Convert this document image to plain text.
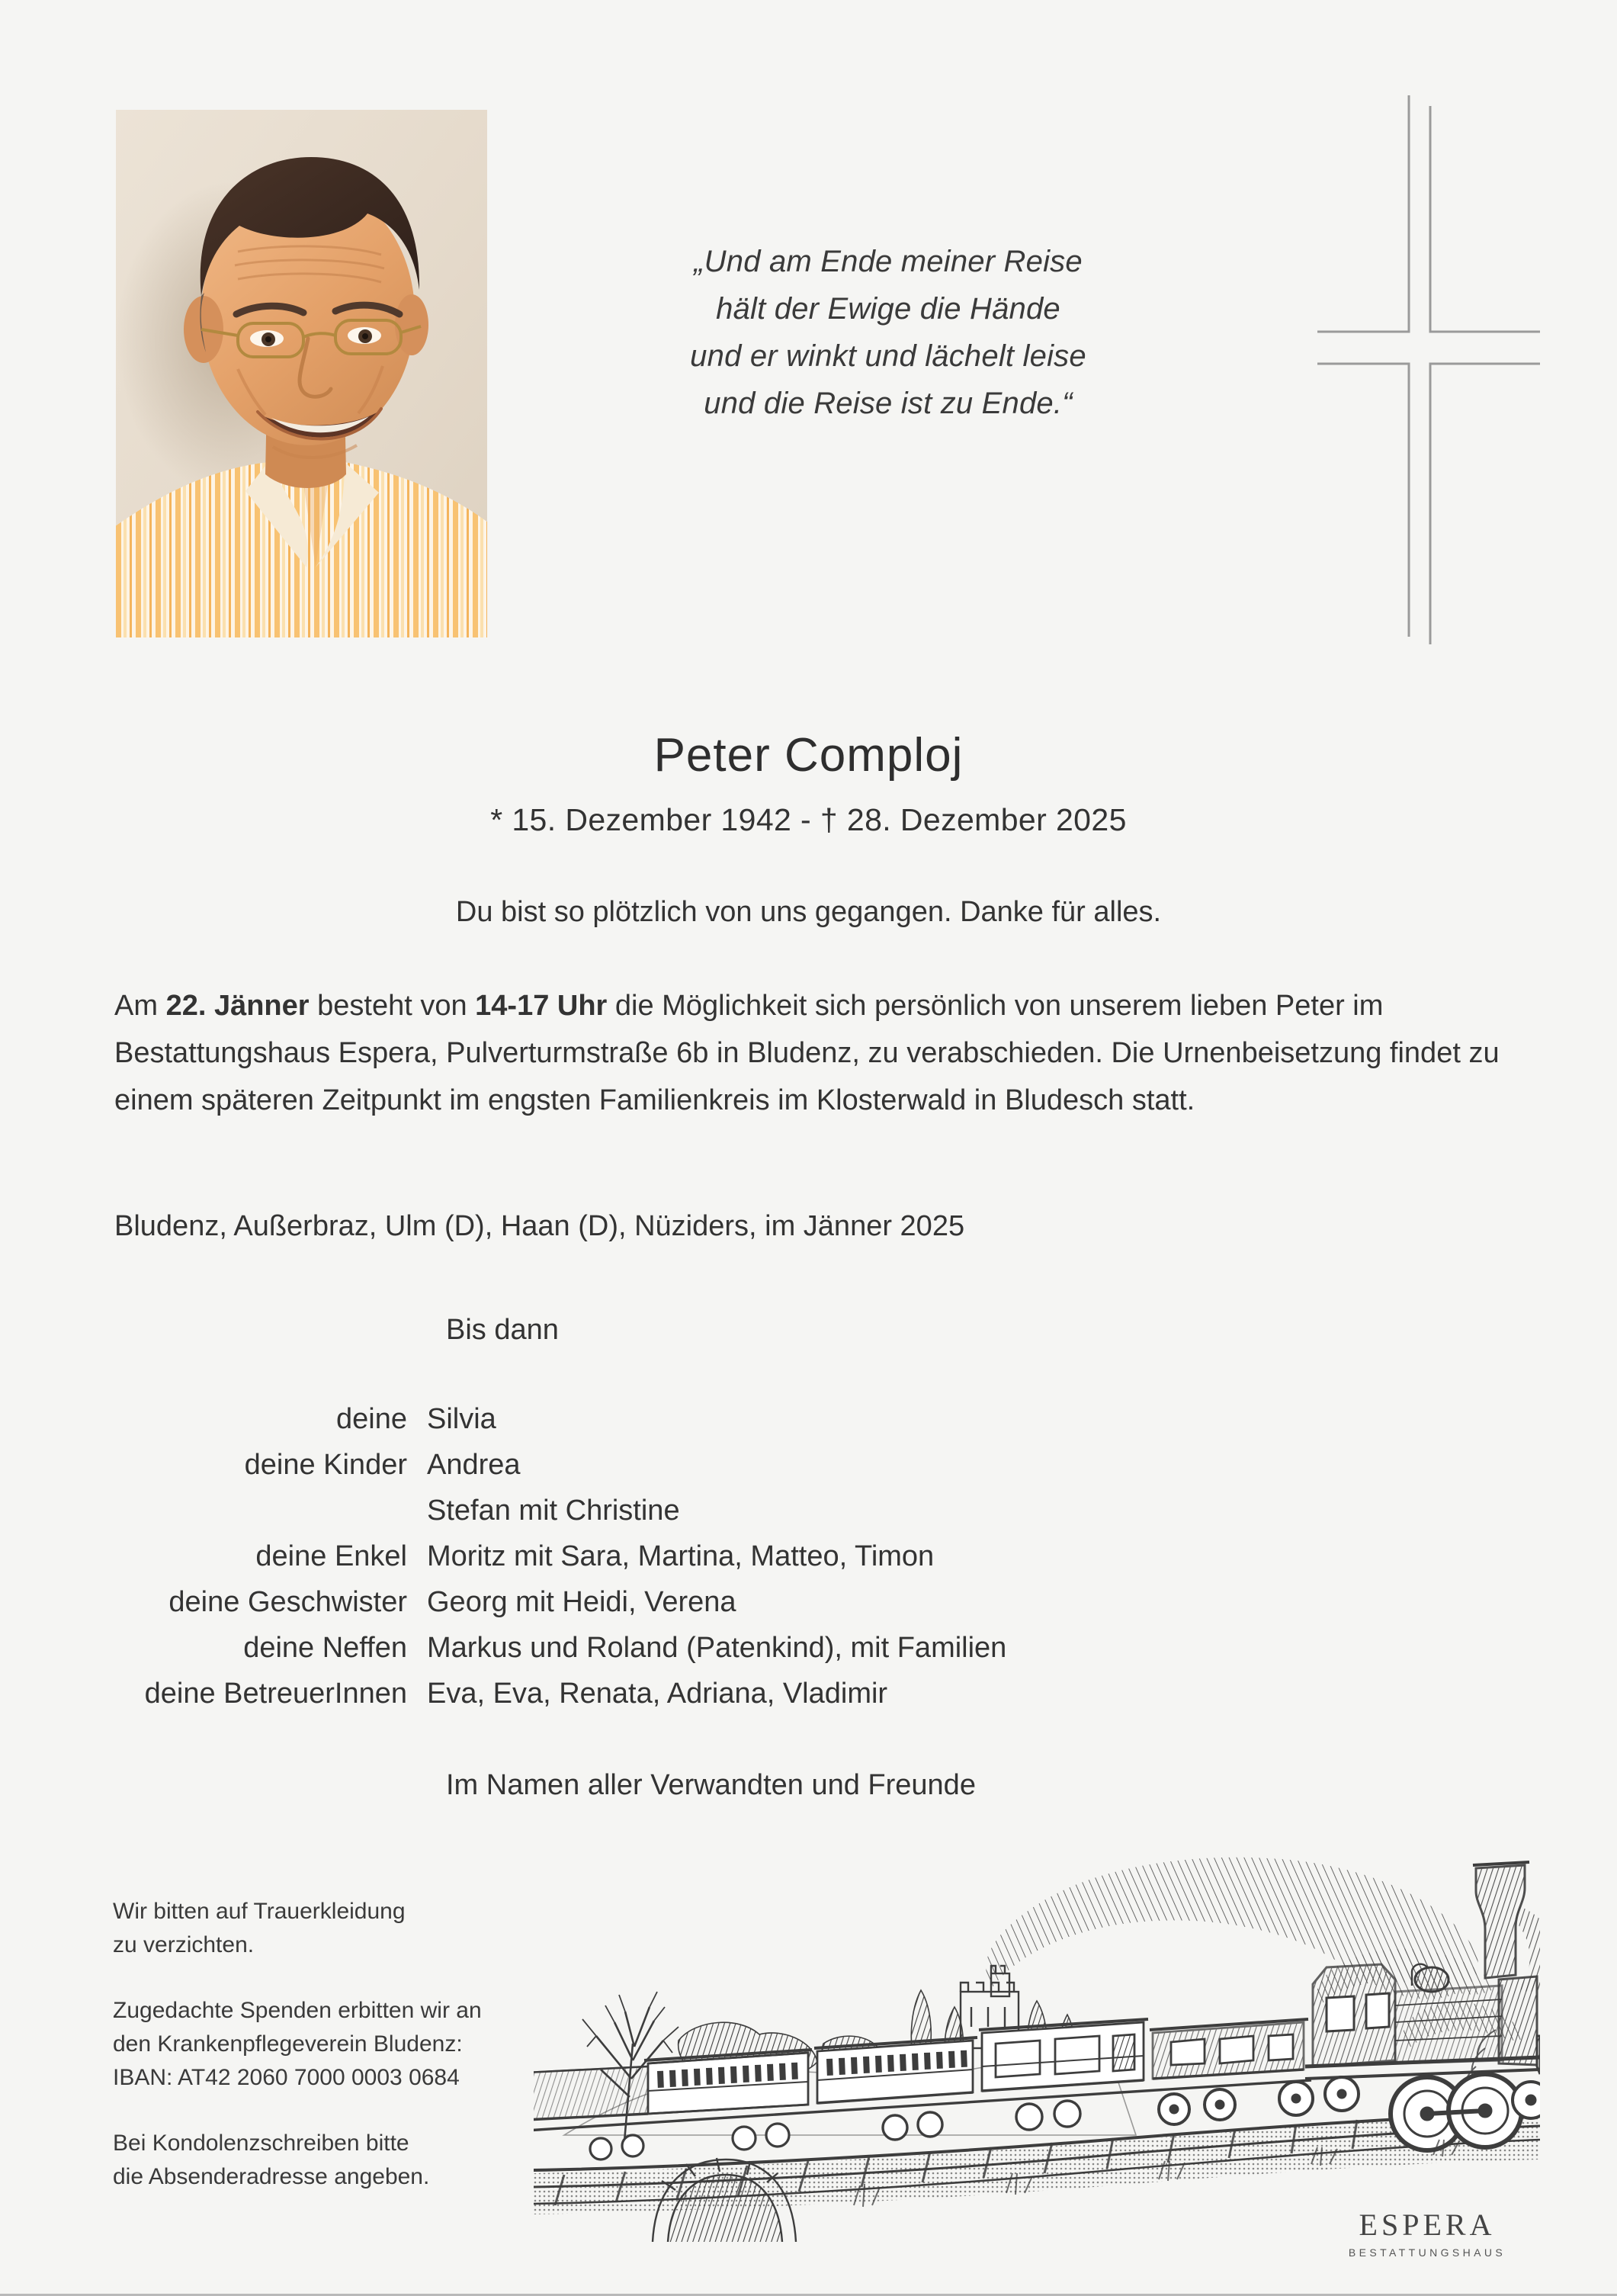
„Und am Ende meiner Reise
hält der Ewige die Hände
und er winkt und lächelt leise
und die Reise ist zu Ende.“
Peter Comploj
* 15. Dezember 1942 - † 28. Dezember 2025
Du bist so plötzlich von uns gegangen. Danke für alles.
Am 22. Jänner besteht von 14-17 Uhr die Möglichkeit sich persönlich von unserem lieben Peter im Bestattungshaus Espera, Pulverturmstraße 6b in Bludenz, zu verabschieden. Die Urnenbeisetzung findet zu einem späteren Zeitpunkt im engsten Familienkreis im Klosterwald in Bludesch statt.
Bludenz, Außerbraz, Ulm (D), Haan (D), Nüziders, im Jänner 2025
Bis dann
deine Silvia
deine Kinder Andrea
Stefan mit Christine
deine Enkel Moritz mit Sara, Martina, Matteo, Timon
deine Geschwister Georg mit Heidi, Verena
deine Neffen Markus und Roland (Patenkind), mit Familien
deine BetreuerInnen Eva, Eva, Renata, Adriana, Vladimir
Im Namen aller Verwandten und Freunde
Wir bitten auf Trauerkleidung
zu verzichten.
Zugedachte Spenden erbitten wir an
den Krankenpflegeverein Bludenz:
IBAN: AT42 2060 7000 0003 0684
Bei Kondolenzschreiben bitte
die Absenderadresse angeben.
ESPERA
BESTATTUNGSHAUS
